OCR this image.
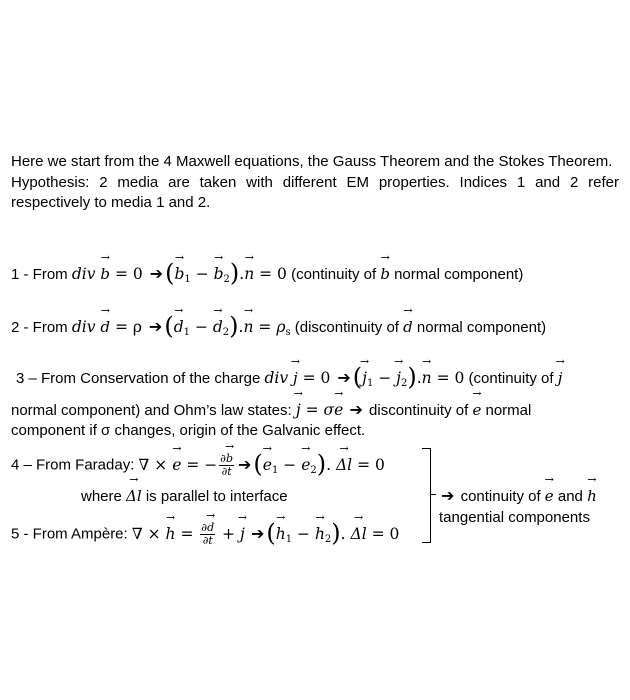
Here we start from the 4 Maxwell equations, the Gauss Theorem and the Stokes Theorem.

Hypothesis: 2 media are taken with different EM properties. Indices 1 and 2 refer respectively to media 1 and 2.

1 - From div → b = 0 ➔(→ $b_1$ − → $b_2).\to n = 0$ (continuity of → b normal component)
2 - From div → d = ρ ➔(→ $d_1$ − → $d_2).\to n = \rho_s$ (discontinuity of → d normal component)
3 – From Conservation of the charge div → j = 0 ➔(→ $j_1$ − → $j_2).\to n = 0$ (continuity of → j
normal component) and Ohm’s law states: → j = σ→ e ➔ discontinuity of → e normal
component if σ changes, origin of the Galvanic effect.
4 – From Faraday: ∇ × → e = − $\frac{\partial\to b}{\partial t}$ ➔(→ $e_1$ − → $e_2$). → Δl = 0
where → Δl is parallel to interface
5 - From Ampère: ∇ × → $h = \frac{\partial\to d}{\partial t}$ + → j ➔(→ $h_1$ − → $h_2$). → Δl = 0
➔ continuity of → e and → h
tangential components
